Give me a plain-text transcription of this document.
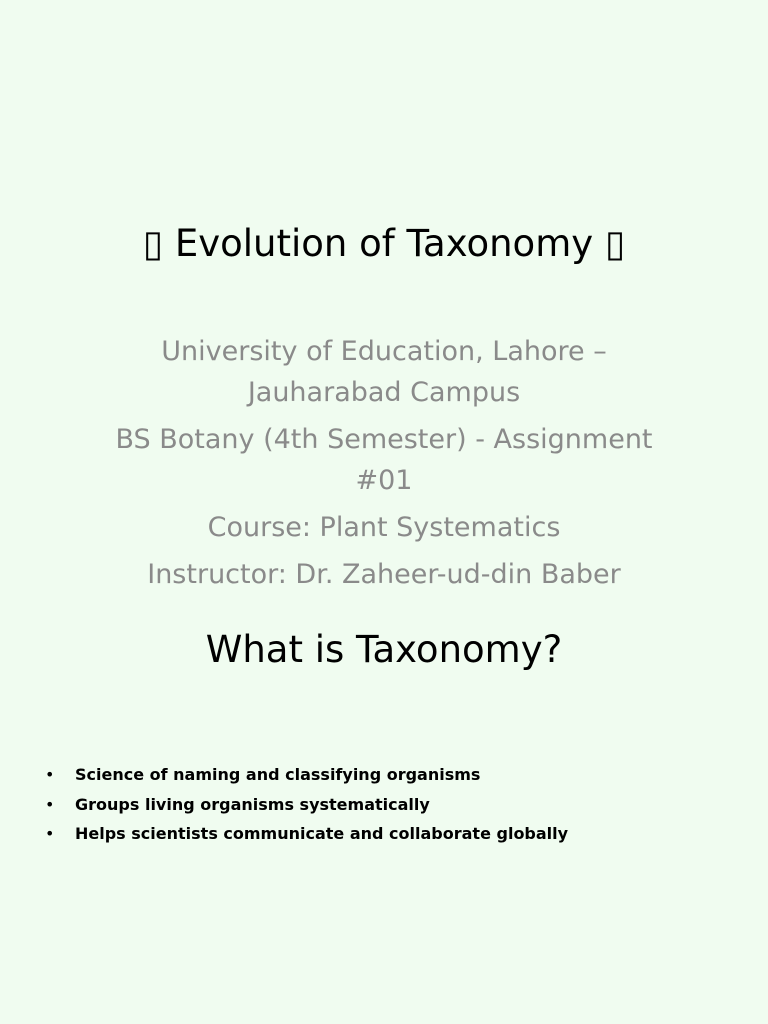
▯ Evolution of Taxonomy ▯

University of Education, Lahore – Jauharabad Campus

BS Botany (4th Semester) - Assignment #01

Course: Plant Systematics

Instructor: Dr. Zaheer-ud-din Baber

What is Taxonomy?
• Science of naming and classifying organisms
• Groups living organisms systematically
• Helps scientists communicate and collaborate globally
